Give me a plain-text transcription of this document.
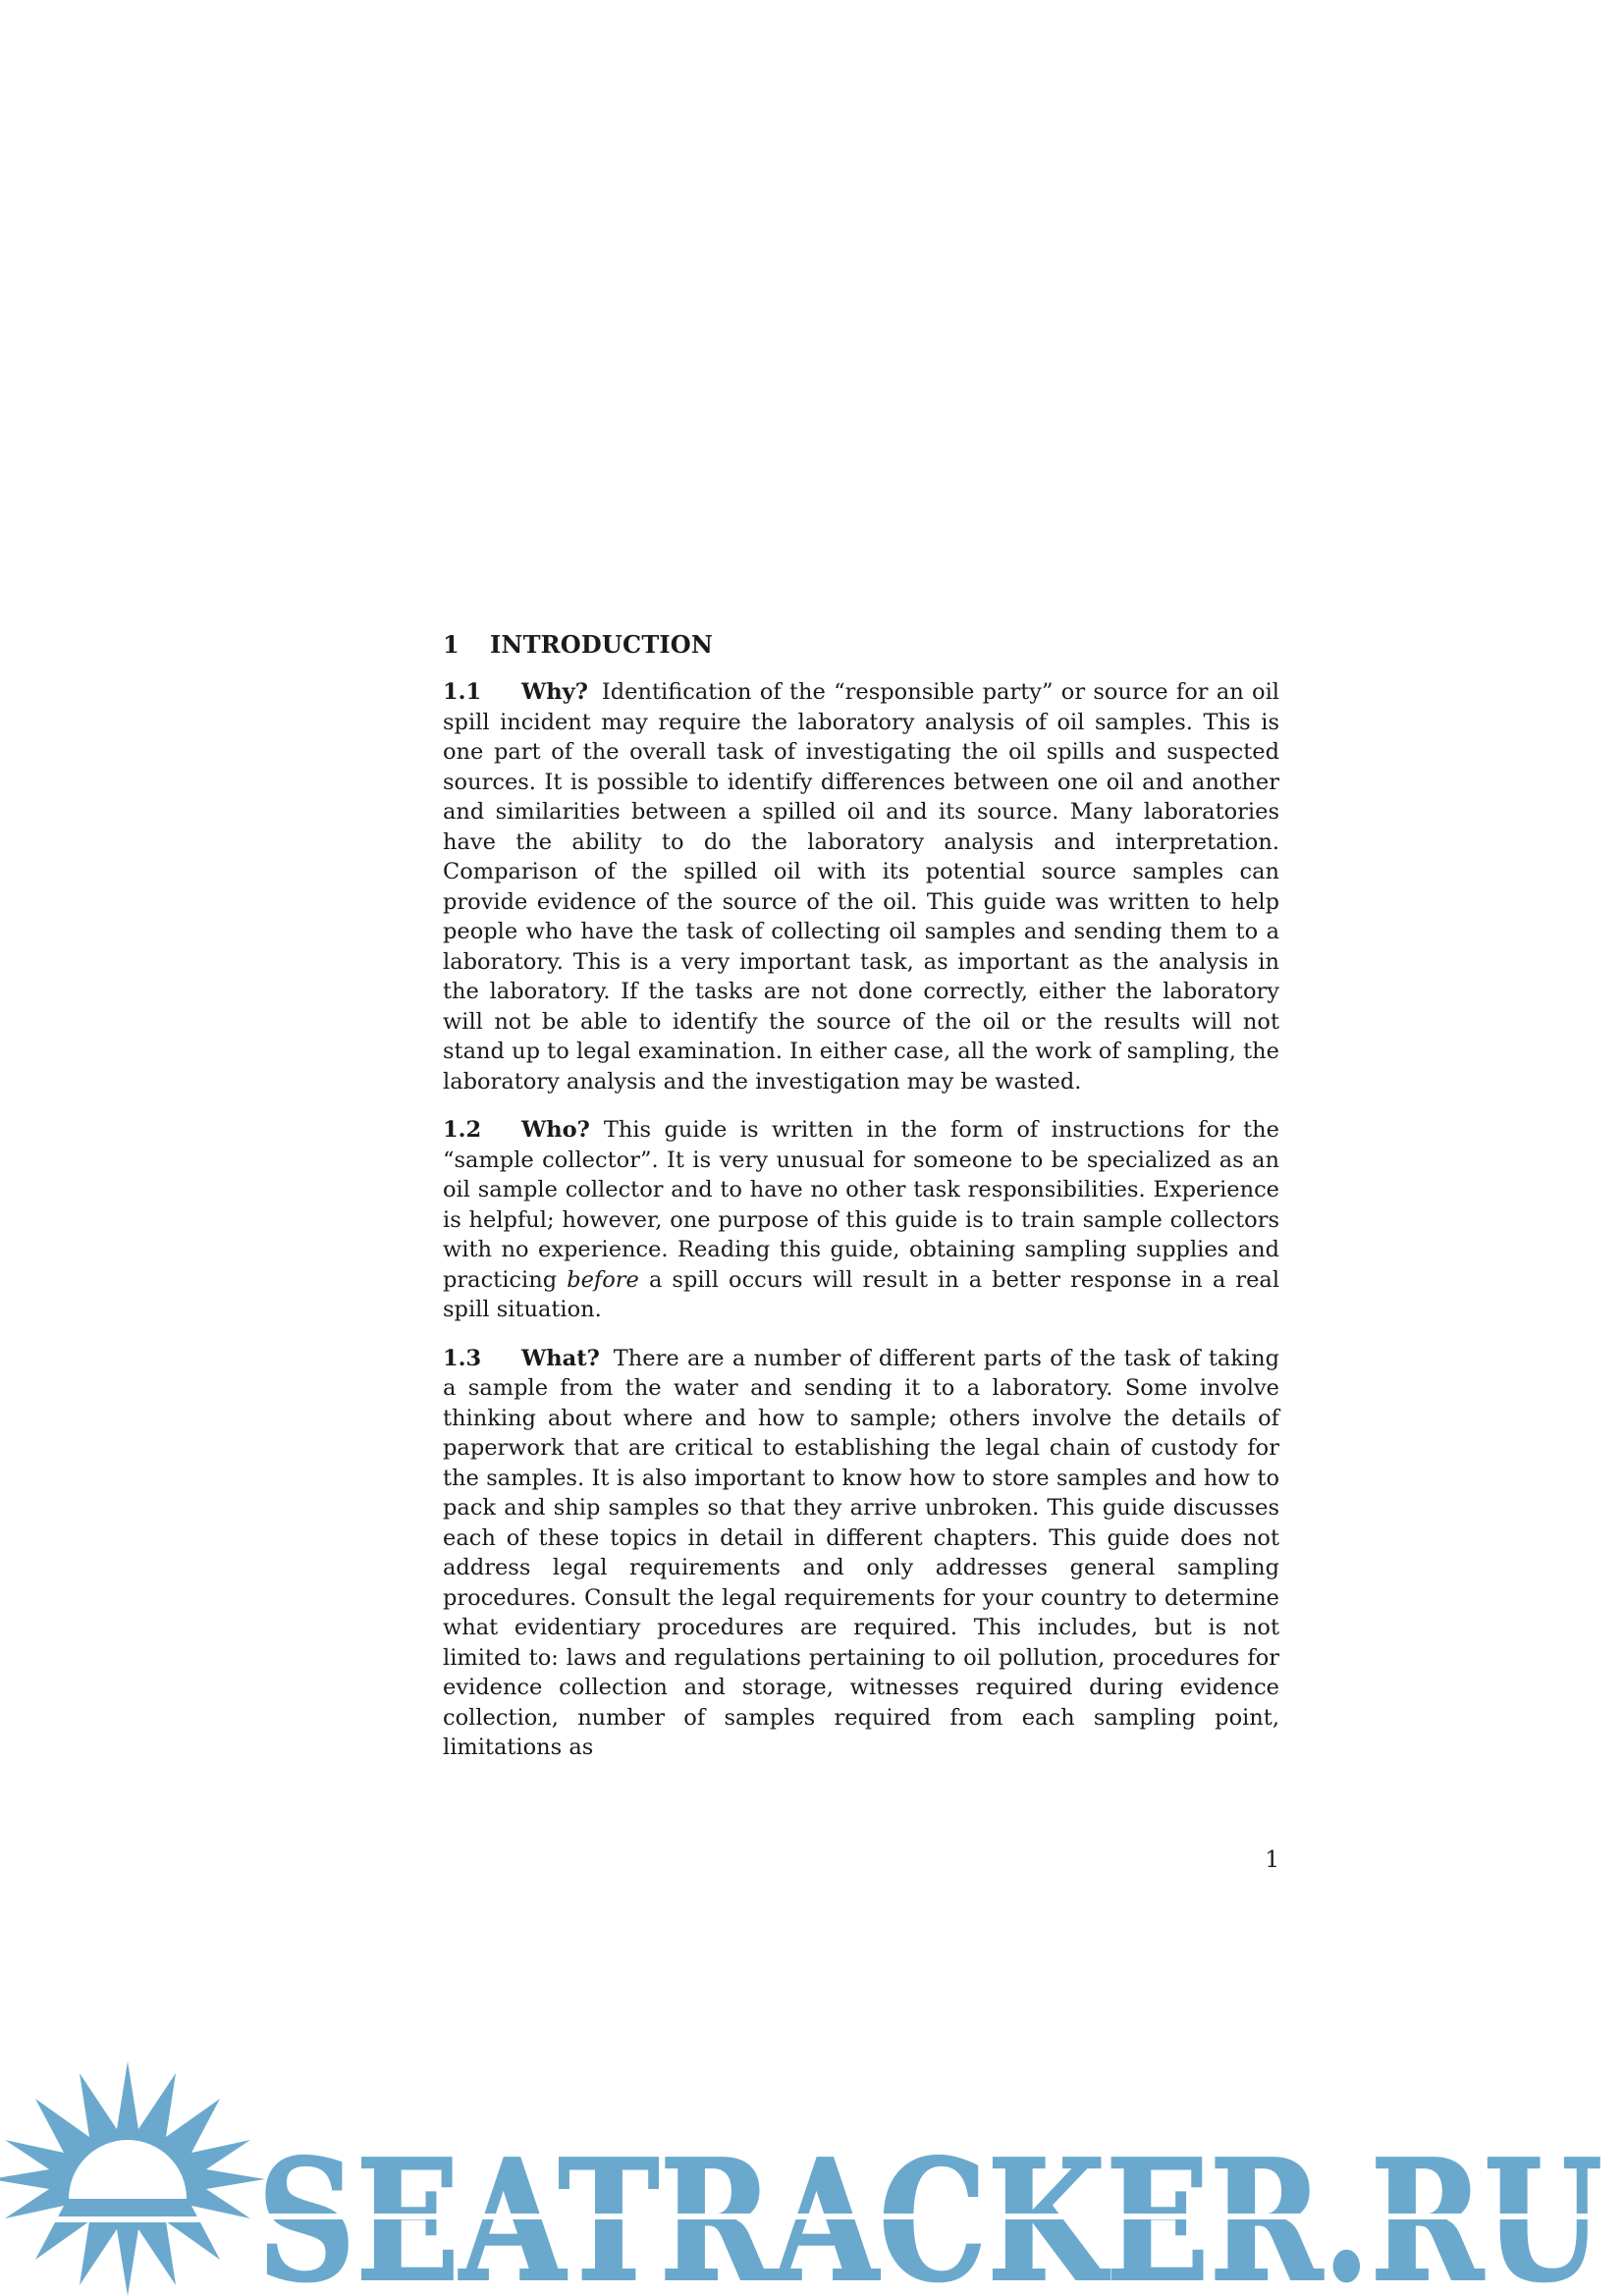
1 INTRODUCTION

1.1 Why? Identification of the “responsible party” or source for an oil spill incident may require the laboratory analysis of oil samples. This is one part of the overall task of investigating the oil spills and suspected sources. It is possible to identify differences between one oil and another and similarities between a spilled oil and its source. Many laboratories have the ability to do the laboratory analysis and interpretation. Comparison of the spilled oil with its potential source samples can provide evidence of the source of the oil. This guide was written to help people who have the task of collecting oil samples and sending them to a laboratory. This is a very important task, as important as the analysis in the laboratory. If the tasks are not done correctly, either the laboratory will not be able to identify the source of the oil or the results will not stand up to legal examination. In either case, all the work of sampling, the laboratory analysis and the investigation may be wasted.

1.2 Who? This guide is written in the form of instructions for the “sample collector”. It is very unusual for someone to be specialized as an oil sample collector and to have no other task responsibilities. Experience is helpful; however, one purpose of this guide is to train sample collectors with no experience. Reading this guide, obtaining sampling supplies and practicing before a spill occurs will result in a better response in a real spill situation.

1.3 What? There are a number of different parts of the task of taking a sample from the water and sending it to a laboratory. Some involve thinking about where and how to sample; others involve the details of paperwork that are critical to establishing the legal chain of custody for the samples. It is also important to know how to store samples and how to pack and ship samples so that they arrive unbroken. This guide discusses each of these topics in detail in different chapters. This guide does not address legal requirements and only addresses general sampling procedures. Consult the legal requirements for your country to determine what evidentiary procedures are required. This includes, but is not limited to: laws and regulations pertaining to oil pollution, procedures for evidence collection and storage, witnesses required during evidence collection, number of samples required from each sampling point, limitations as

1
SEATRACKER.RU
